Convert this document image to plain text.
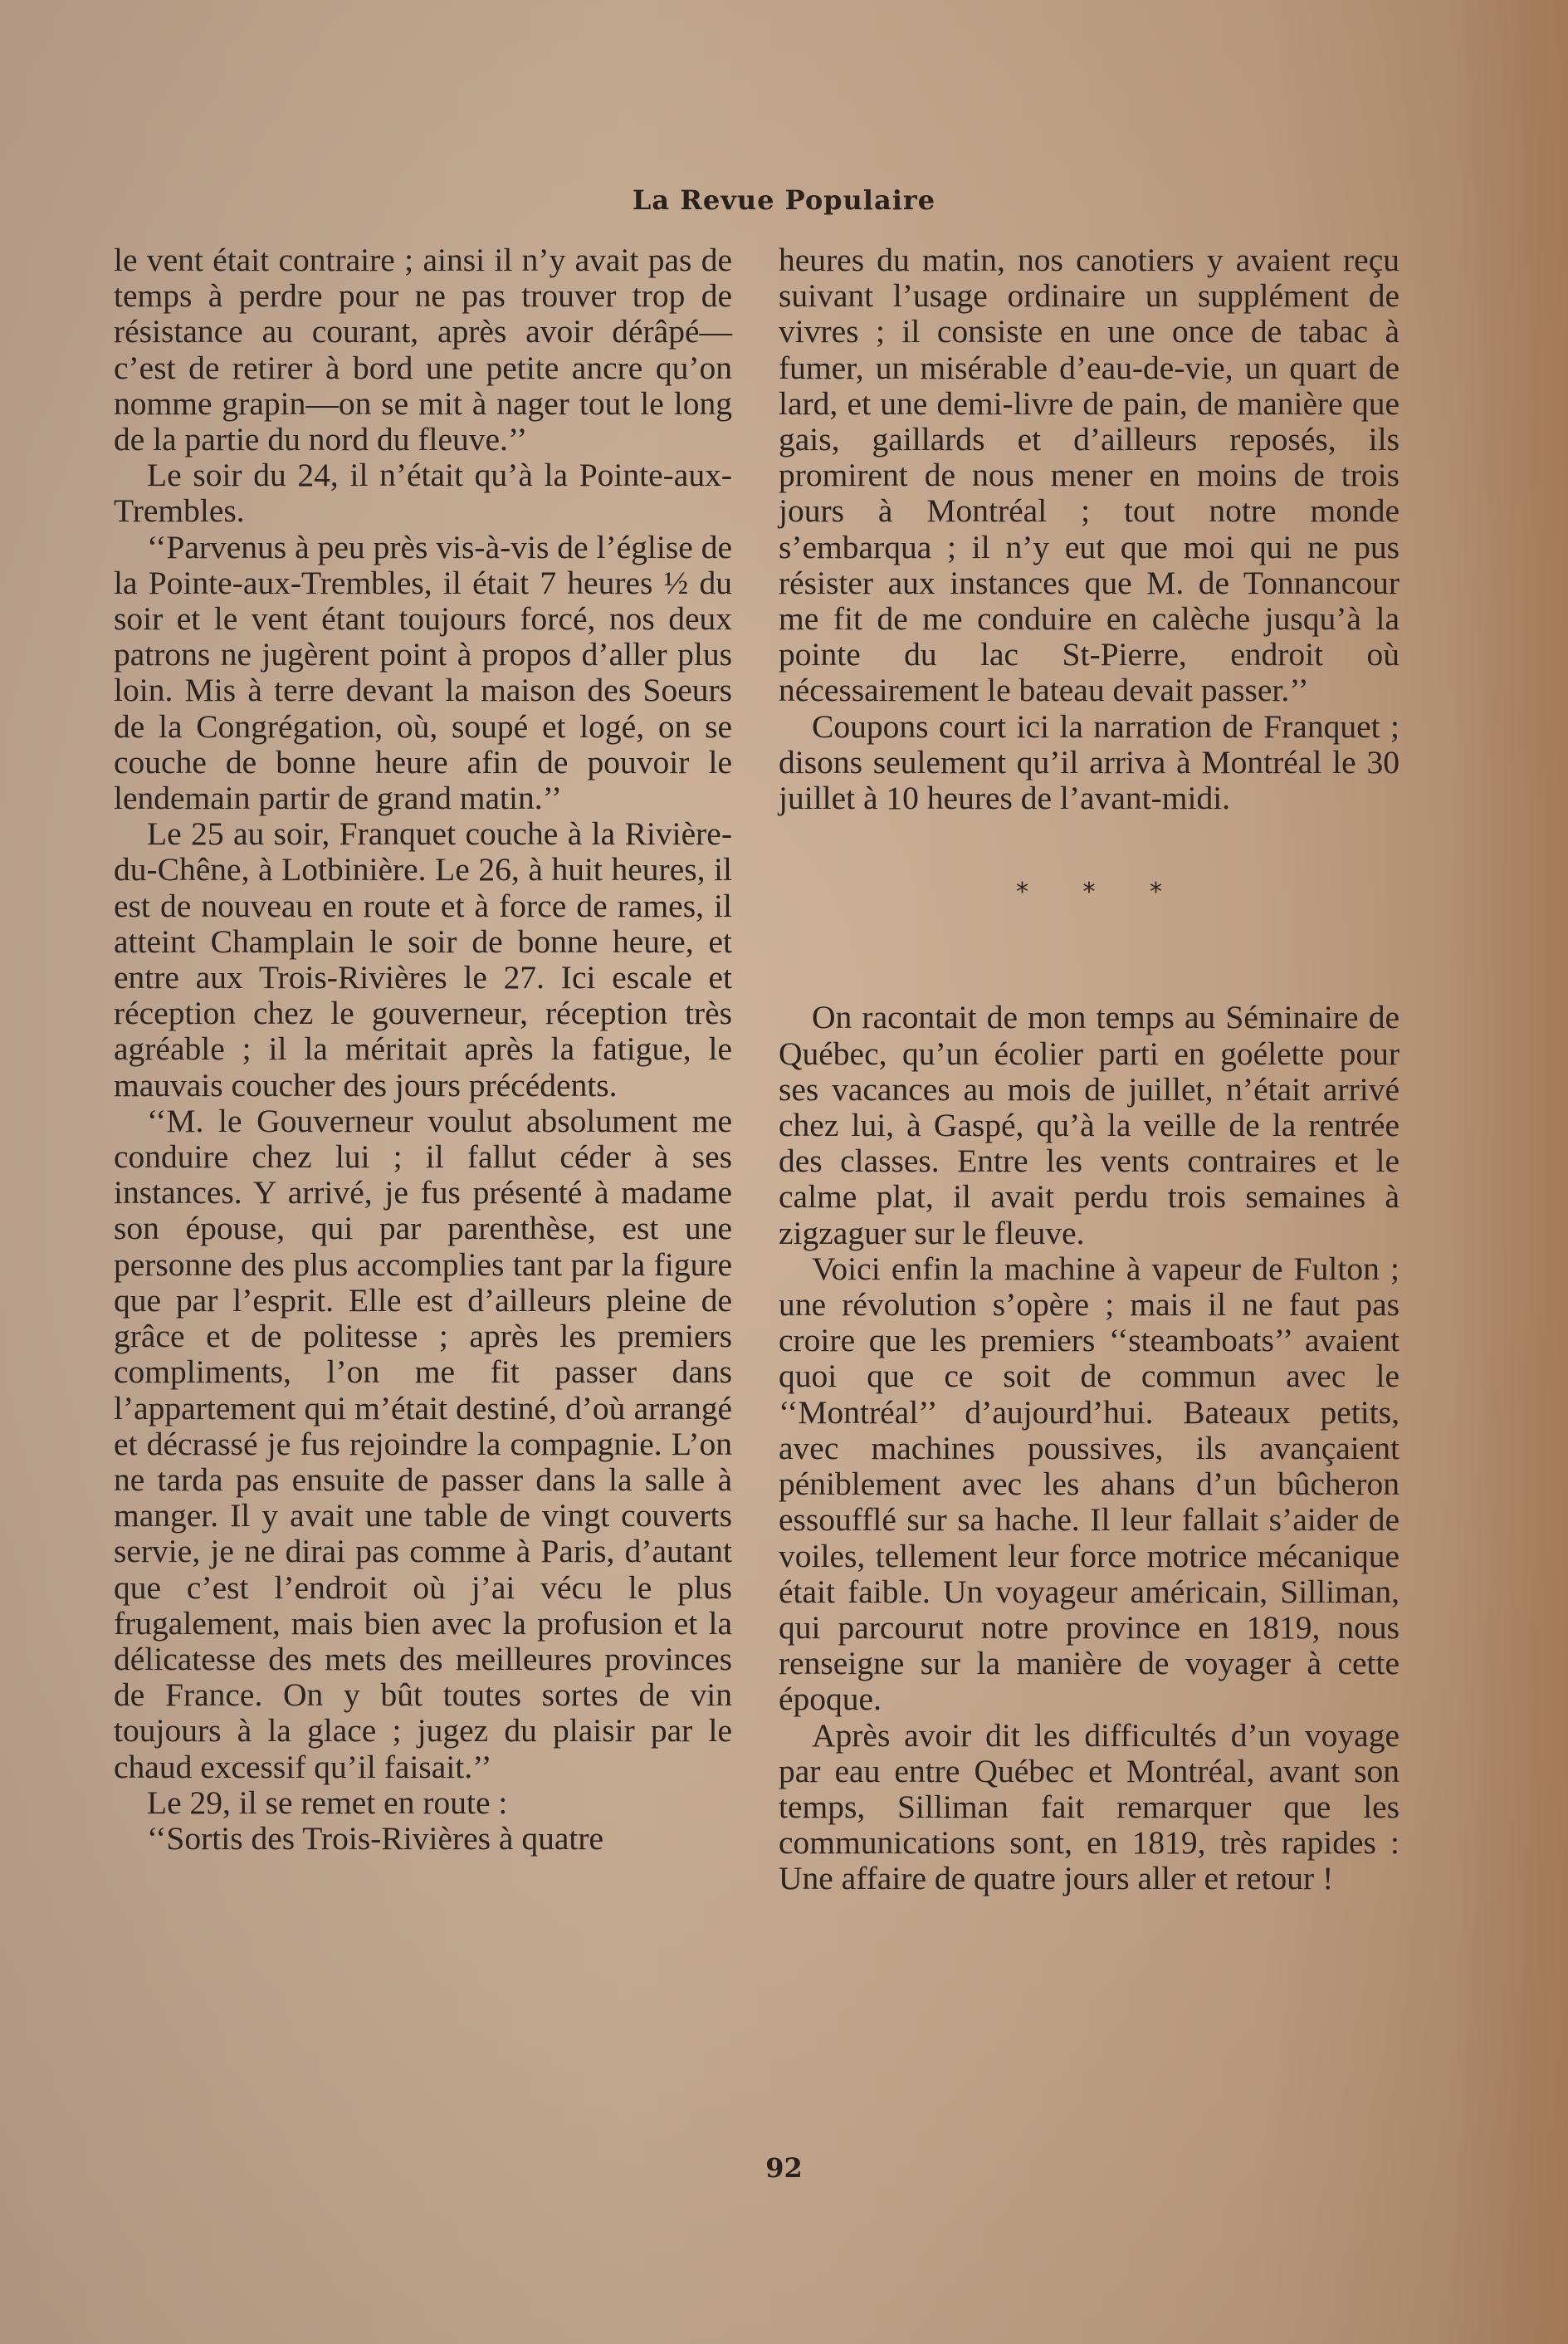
La Revue Populaire

le vent était contraire ; ainsi il n’y avait pas de temps à perdre pour ne pas trouver trop de résistance au courant, après avoir dérâpé—c’est de retirer à bord une petite ancre qu’on nomme grapin—on se mit à nager tout le long de la partie du nord du fleuve.’’

Le soir du 24, il n’était qu’à la Pointe-aux-Trembles.

‘‘Parvenus à peu près vis-à-vis de l’église de la Pointe-aux-Trembles, il était 7 heures ½ du soir et le vent étant toujours forcé, nos deux patrons ne jugèrent point à propos d’aller plus loin. Mis à terre devant la maison des Soeurs de la Congrégation, où, soupé et logé, on se couche de bonne heure afin de pouvoir le lendemain partir de grand matin.’’

Le 25 au soir, Franquet couche à la Rivière-du-Chêne, à Lotbinière. Le 26, à huit heures, il est de nouveau en route et à force de rames, il atteint Champlain le soir de bonne heure, et entre aux Trois-Rivières le 27. Ici escale et réception chez le gouverneur, réception très agréable ; il la méritait après la fatigue, le mauvais coucher des jours précédents.

‘‘M. le Gouverneur voulut absolument me conduire chez lui ; il fallut céder à ses instances. Y arrivé, je fus présenté à madame son épouse, qui par parenthèse, est une personne des plus accomplies tant par la figure que par l’esprit. Elle est d’ailleurs pleine de grâce et de politesse ; après les premiers compliments, l’on me fit passer dans l’appartement qui m’était destiné, d’où arrangé et décrassé je fus rejoindre la compagnie. L’on ne tarda pas ensuite de passer dans la salle à manger. Il y avait une table de vingt couverts servie, je ne dirai pas comme à Paris, d’autant que c’est l’endroit où j’ai vécu le plus frugalement, mais bien avec la profusion et la délicatesse des mets des meilleures provinces de France. On y bût toutes sortes de vin toujours à la glace ; jugez du plaisir par le chaud excessif qu’il faisait.’’

Le 29, il se remet en route :

‘‘Sortis des Trois-Rivières à quatre

heures du matin, nos canotiers y avaient reçu suivant l’usage ordinaire un supplément de vivres ; il consiste en une once de tabac à fumer, un misérable d’eau-de-vie, un quart de lard, et une demi-livre de pain, de manière que gais, gaillards et d’ailleurs reposés, ils promirent de nous mener en moins de trois jours à Montréal ; tout notre monde s’embarqua ; il n’y eut que moi qui ne pus résister aux instances que M. de Tonnancour me fit de me conduire en calèche jusqu’à la pointe du lac St-Pierre, endroit où nécessairement le bateau devait passer.’’

Coupons court ici la narration de Franquet ; disons seulement qu’il arriva à Montréal le 30 juillet à 10 heures de l’avant-midi.

* * *

On racontait de mon temps au Séminaire de Québec, qu’un écolier parti en goélette pour ses vacances au mois de juillet, n’était arrivé chez lui, à Gaspé, qu’à la veille de la rentrée des classes. Entre les vents contraires et le calme plat, il avait perdu trois semaines à zigzaguer sur le fleuve.

Voici enfin la machine à vapeur de Fulton ; une révolution s’opère ; mais il ne faut pas croire que les premiers ‘‘steamboats’’ avaient quoi que ce soit de commun avec le ‘‘Montréal’’ d’aujourd’hui. Bateaux petits, avec machines poussives, ils avançaient péniblement avec les ahans d’un bûcheron essoufflé sur sa hache. Il leur fallait s’aider de voiles, tellement leur force motrice mécanique était faible. Un voyageur américain, Silliman, qui parcourut notre province en 1819, nous renseigne sur la manière de voyager à cette époque.

Après avoir dit les difficultés d’un voyage par eau entre Québec et Montréal, avant son temps, Silliman fait remarquer que les communications sont, en 1819, très rapides : Une affaire de quatre jours aller et retour !

92
